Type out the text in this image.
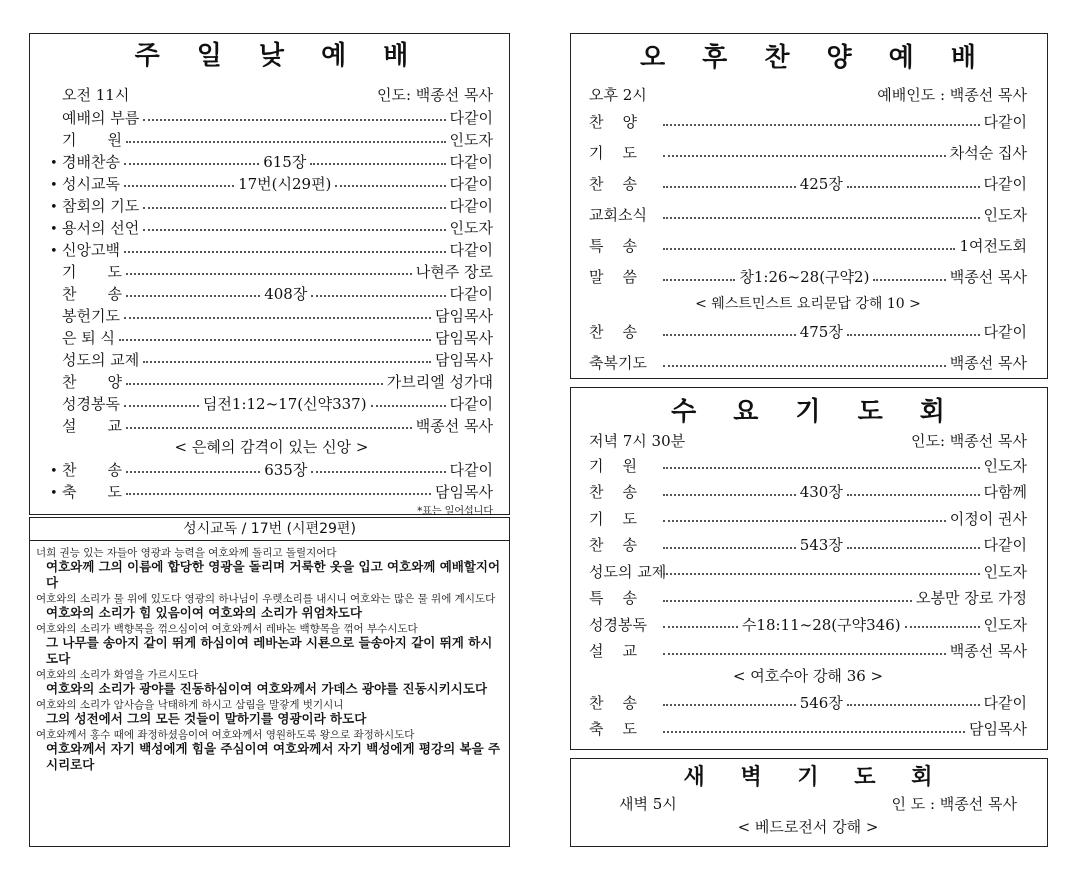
주 일 낮 예 배
오전 11시	인도: 백종선 목사
예배의 부름	다같이
기 원	인도자
• 경배찬송	615장	다같이
• 성시교독	17번(시29편)	다같이
• 참회의 기도	다같이
• 용서의 선언	인도자
• 신앙고백	다같이
기 도	나현주 장로
찬 송	408장	다같이
봉헌기도	담임목사
은 퇴 식	담임목사
성도의 교제	담임목사
찬 양	가브리엘 성가대
성경봉독	딤전1:12~17(신약337)	다같이
설 교	백종선 목사
< 은혜의 감격이 있는 신앙 >
• 찬 송	635장	다같이
• 축 도	담임목사
*표는 일어섭니다
성시교독 / 17번 (시편29편)

너희 권능 있는 자들아 영광과 능력을 여호와께 돌리고 돌릴지어다

여호와께 그의 이름에 합당한 영광을 돌리며 거룩한 옷을 입고 여호와께 예배할지어다

여호와의 소리가 물 위에 있도다 영광의 하나님이 우렛소리를 내시니 여호와는 많은 물 위에 계시도다

여호와의 소리가 힘 있음이여 여호와의 소리가 위엄차도다

여호와의 소리가 백향목을 꺾으심이여 여호와께서 레바논 백향목을 꺾어 부수시도다

그 나무를 송아지 같이 뛰게 하심이여 레바논과 시룐으로 들송아지 같이 뛰게 하시도다

여호와의 소리가 화염을 가르시도다

여호와의 소리가 광야를 진동하심이여 여호와께서 가데스 광야를 진동시키시도다

여호와의 소리가 암사슴을 낙태하게 하시고 삼림을 말갛게 벗기시니

그의 성전에서 그의 모든 것들이 말하기를 영광이라 하도다

여호와께서 홍수 때에 좌정하셨음이여 여호와께서 영원하도록 왕으로 좌정하시도다

여호와께서 자기 백성에게 힘을 주심이여 여호와께서 자기 백성에게 평강의 복을 주시리로다

오 후 찬 양 예 배
오후 2시	예배인도 : 백종선 목사
찬 양	다같이
기 도	차석순 집사
찬 송	425장	다같이
교회소식	인도자
특 송	1여전도회
말 씀	창1:26~28(구약2)	백종선 목사
< 웨스트민스트 요리문답 강해 10 >
찬 송	475장	다같이
축복기도	백종선 목사
수 요 기 도 회
저녁 7시 30분	인도: 백종선 목사
기 원	인도자
찬 송	430장	다함께
기 도	이정이 권사
찬 송	543장	다같이
성도의 교제	인도자
특 송	오봉만 장로 가정
성경봉독	수18:11~28(구약346)	인도자
설 교	백종선 목사
< 여호수아 강해 36 >
찬 송	546장	다같이
축 도	담임목사
새 벽 기 도 회
새벽 5시	인 도 : 백종선 목사
< 베드로전서 강해 >
